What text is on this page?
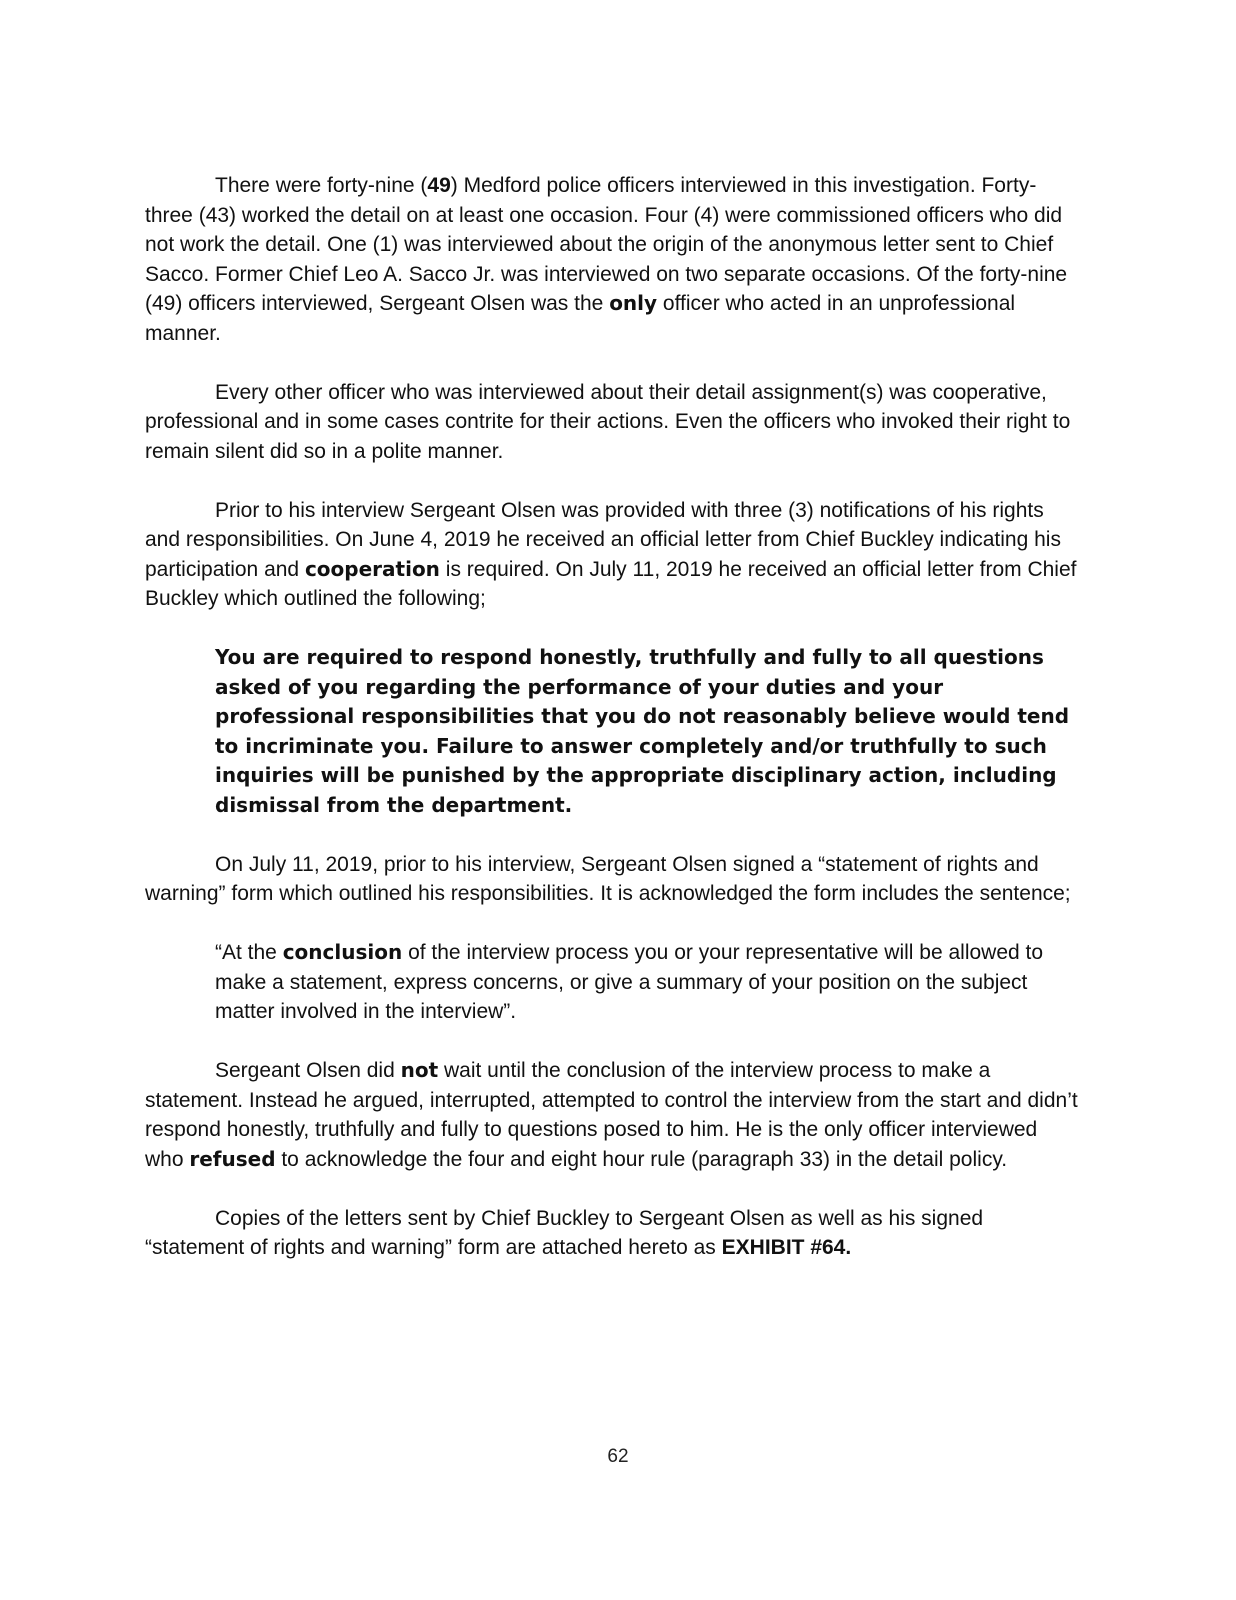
There were forty-nine (49) Medford police officers interviewed in this investigation. Forty-three (43) worked the detail on at least one occasion. Four (4) were commissioned officers who did not work the detail. One (1) was interviewed about the origin of the anonymous letter sent to Chief Sacco. Former Chief Leo A. Sacco Jr. was interviewed on two separate occasions. Of the forty-nine (49) officers interviewed, Sergeant Olsen was the only officer who acted in an unprofessional manner.

Every other officer who was interviewed about their detail assignment(s) was cooperative, professional and in some cases contrite for their actions. Even the officers who invoked their right to remain silent did so in a polite manner.

Prior to his interview Sergeant Olsen was provided with three (3) notifications of his rights and responsibilities. On June 4, 2019 he received an official letter from Chief Buckley indicating his participation and cooperation is required. On July 11, 2019 he received an official letter from Chief Buckley which outlined the following;

You are required to respond honestly, truthfully and fully to all questions asked of you regarding the performance of your duties and your professional responsibilities that you do not reasonably believe would tend to incriminate you. Failure to answer completely and/or truthfully to such inquiries will be punished by the appropriate disciplinary action, including dismissal from the department.

On July 11, 2019, prior to his interview, Sergeant Olsen signed a “statement of rights and warning” form which outlined his responsibilities. It is acknowledged the form includes the sentence;

“At the conclusion of the interview process you or your representative will be allowed to make a statement, express concerns, or give a summary of your position on the subject matter involved in the interview”.

Sergeant Olsen did not wait until the conclusion of the interview process to make a statement. Instead he argued, interrupted, attempted to control the interview from the start and didn’t respond honestly, truthfully and fully to questions posed to him. He is the only officer interviewed who refused to acknowledge the four and eight hour rule (paragraph 33) in the detail policy.

Copies of the letters sent by Chief Buckley to Sergeant Olsen as well as his signed “statement of rights and warning” form are attached hereto as EXHIBIT #64.

62
